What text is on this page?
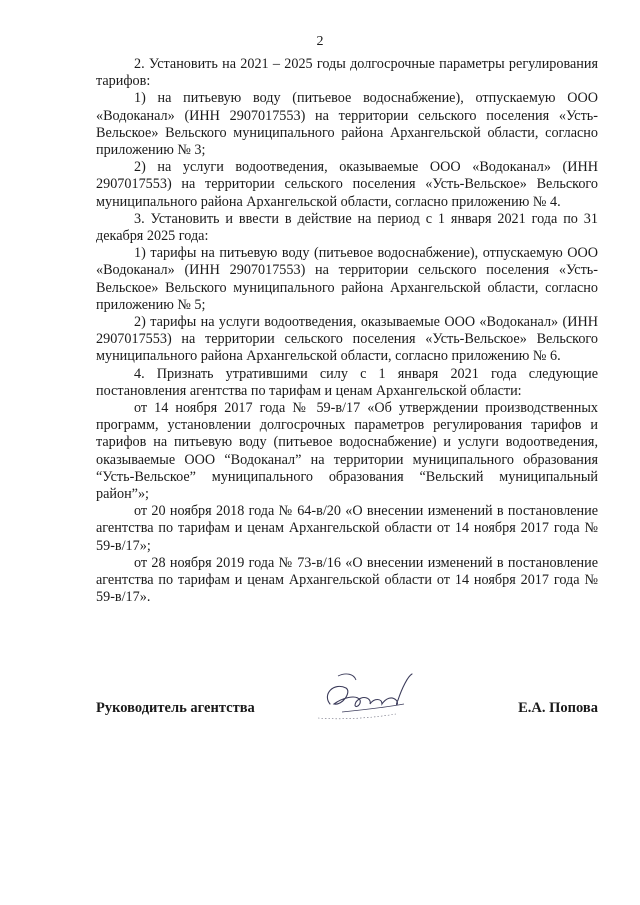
2

2. Установить на 2021 – 2025 годы долгосрочные параметры регулирования тарифов:

1) на питьевую воду (питьевое водоснабжение), отпускаемую ООО «Водоканал» (ИНН 2907017553) на территории сельского поселения «Усть-Вельское» Вельского муниципального района Архангельской области, согласно приложению № 3;

2) на услуги водоотведения, оказываемые ООО «Водоканал» (ИНН 2907017553) на территории сельского поселения «Усть-Вельское» Вельского муниципального района Архангельской области, согласно приложению № 4.

3. Установить и ввести в действие на период с 1 января 2021 года по 31 декабря 2025 года:

1) тарифы на питьевую воду (питьевое водоснабжение), отпускаемую ООО «Водоканал» (ИНН 2907017553) на территории сельского поселения «Усть-Вельское» Вельского муниципального района Архангельской области, согласно приложению № 5;

2) тарифы на услуги водоотведения, оказываемые ООО «Водоканал» (ИНН 2907017553) на территории сельского поселения «Усть-Вельское» Вельского муниципального района Архангельской области, согласно приложению № 6.

4. Признать утратившими силу с 1 января 2021 года следующие постановления агентства по тарифам и ценам Архангельской области:

от 14 ноября 2017 года № 59-в/17 «Об утверждении производственных программ, установлении долгосрочных параметров регулирования тарифов и тарифов на питьевую воду (питьевое водоснабжение) и услуги водоотведения, оказываемые ООО “Водоканал” на территории муниципального образования “Усть-Вельское” муниципального образования “Вельский муниципальный район”»;

от 20 ноября 2018 года № 64-в/20 «О внесении изменений в постановление агентства по тарифам и ценам Архангельской области от 14 ноября 2017 года № 59-в/17»;

от 28 ноября 2019 года № 73-в/16 «О внесении изменений в постановление агентства по тарифам и ценам Архангельской области от 14 ноября 2017 года № 59-в/17».

Руководитель агентства	Е.А. Попова
